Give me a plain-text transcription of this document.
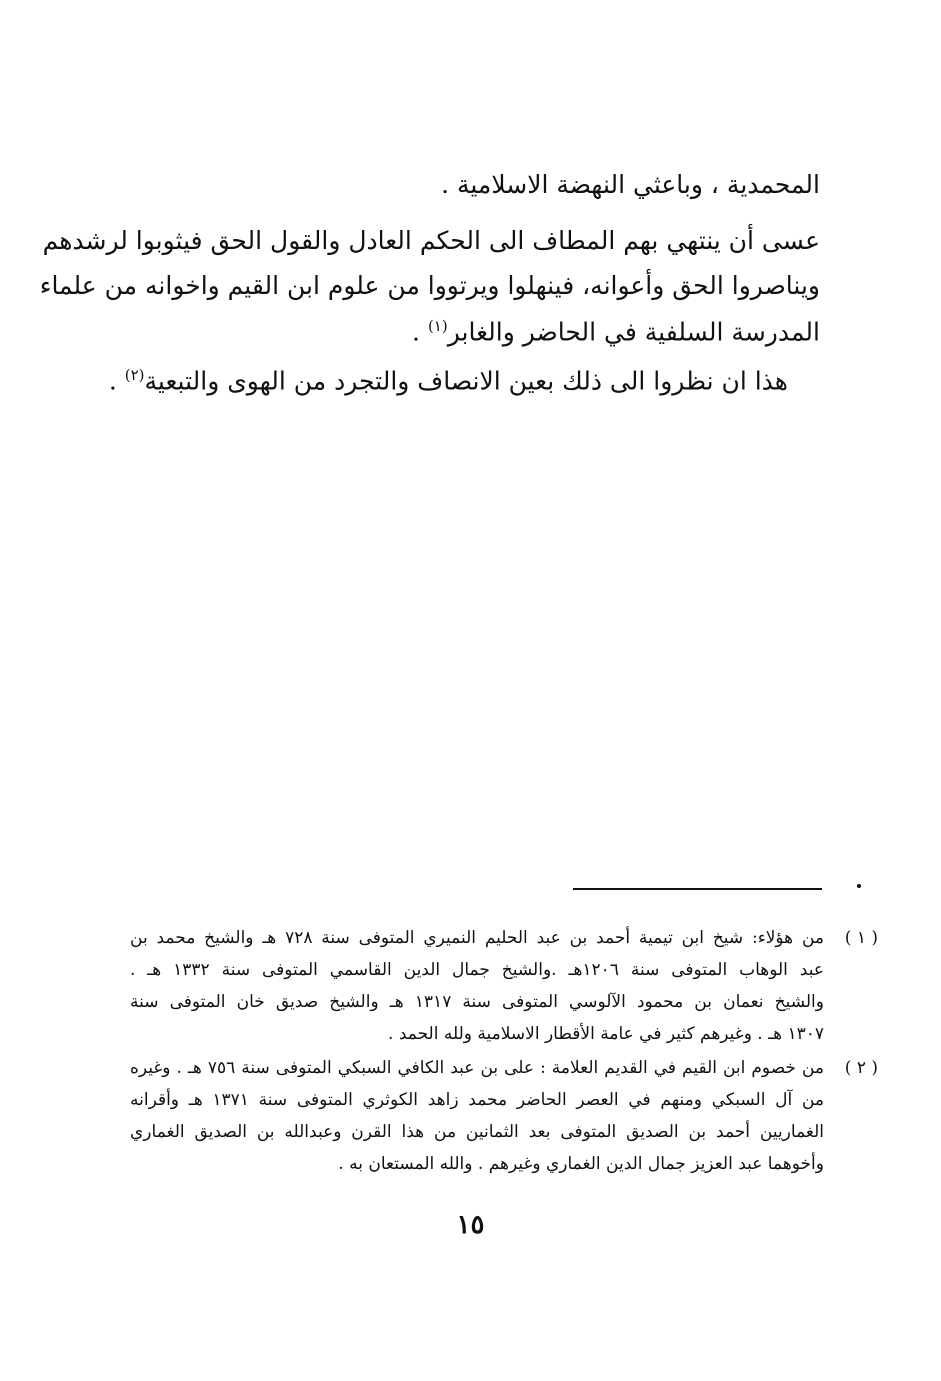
المحمدية ، وباعثي النهضة الاسلامية .
عسى أن ينتهي بهم المطاف الى الحكم العادل والقول الحق فيثوبوا لرشدهم
ويناصروا الحق وأعوانه، فينهلوا ويرتووا من علوم ابن القيم واخوانه من علماء
المدرسة السلفية في الحاضر والغابر$^{(١)}$ .
هذا ان نظروا الى ذلك بعين الانصاف والتجرد من الهوى والتبعية$^{(٢)}$ .
( ١ )
من هؤلاء: شيخ ابن تيمية أحمد بن عبد الحليم النميري المتوفى سنة ٧٢٨ هـ والشيخ محمد بن
عبد الوهاب المتوفى سنة ١٢٠٦هـ .والشيخ جمال الدين القاسمي المتوفى سنة ١٣٣٢ هـ .
والشيخ نعمان بن محمود الآلوسي المتوفى سنة ١٣١٧ هـ والشيخ صديق خان المتوفى سنة
١٣٠٧ هـ . وغيرهم كثير في عامة الأقطار الاسلامية ولله الحمد .
( ٢ )
من خصوم ابن القيم في القديم العلامة : على بن عبد الكافي السبكي المتوفى سنة ٧٥٦ هـ . وغيره
من آل السبكي ومنهم في العصر الحاضر محمد زاهد الكوثري المتوفى سنة ١٣٧١ هـ وأقرانه
الغماريين أحمد بن الصديق المتوفى بعد الثمانين من هذا القرن وعبدالله بن الصديق الغماري
وأخوهما عبد العزيز جمال الدين الغماري وغيرهم . والله المستعان به .
١٥
